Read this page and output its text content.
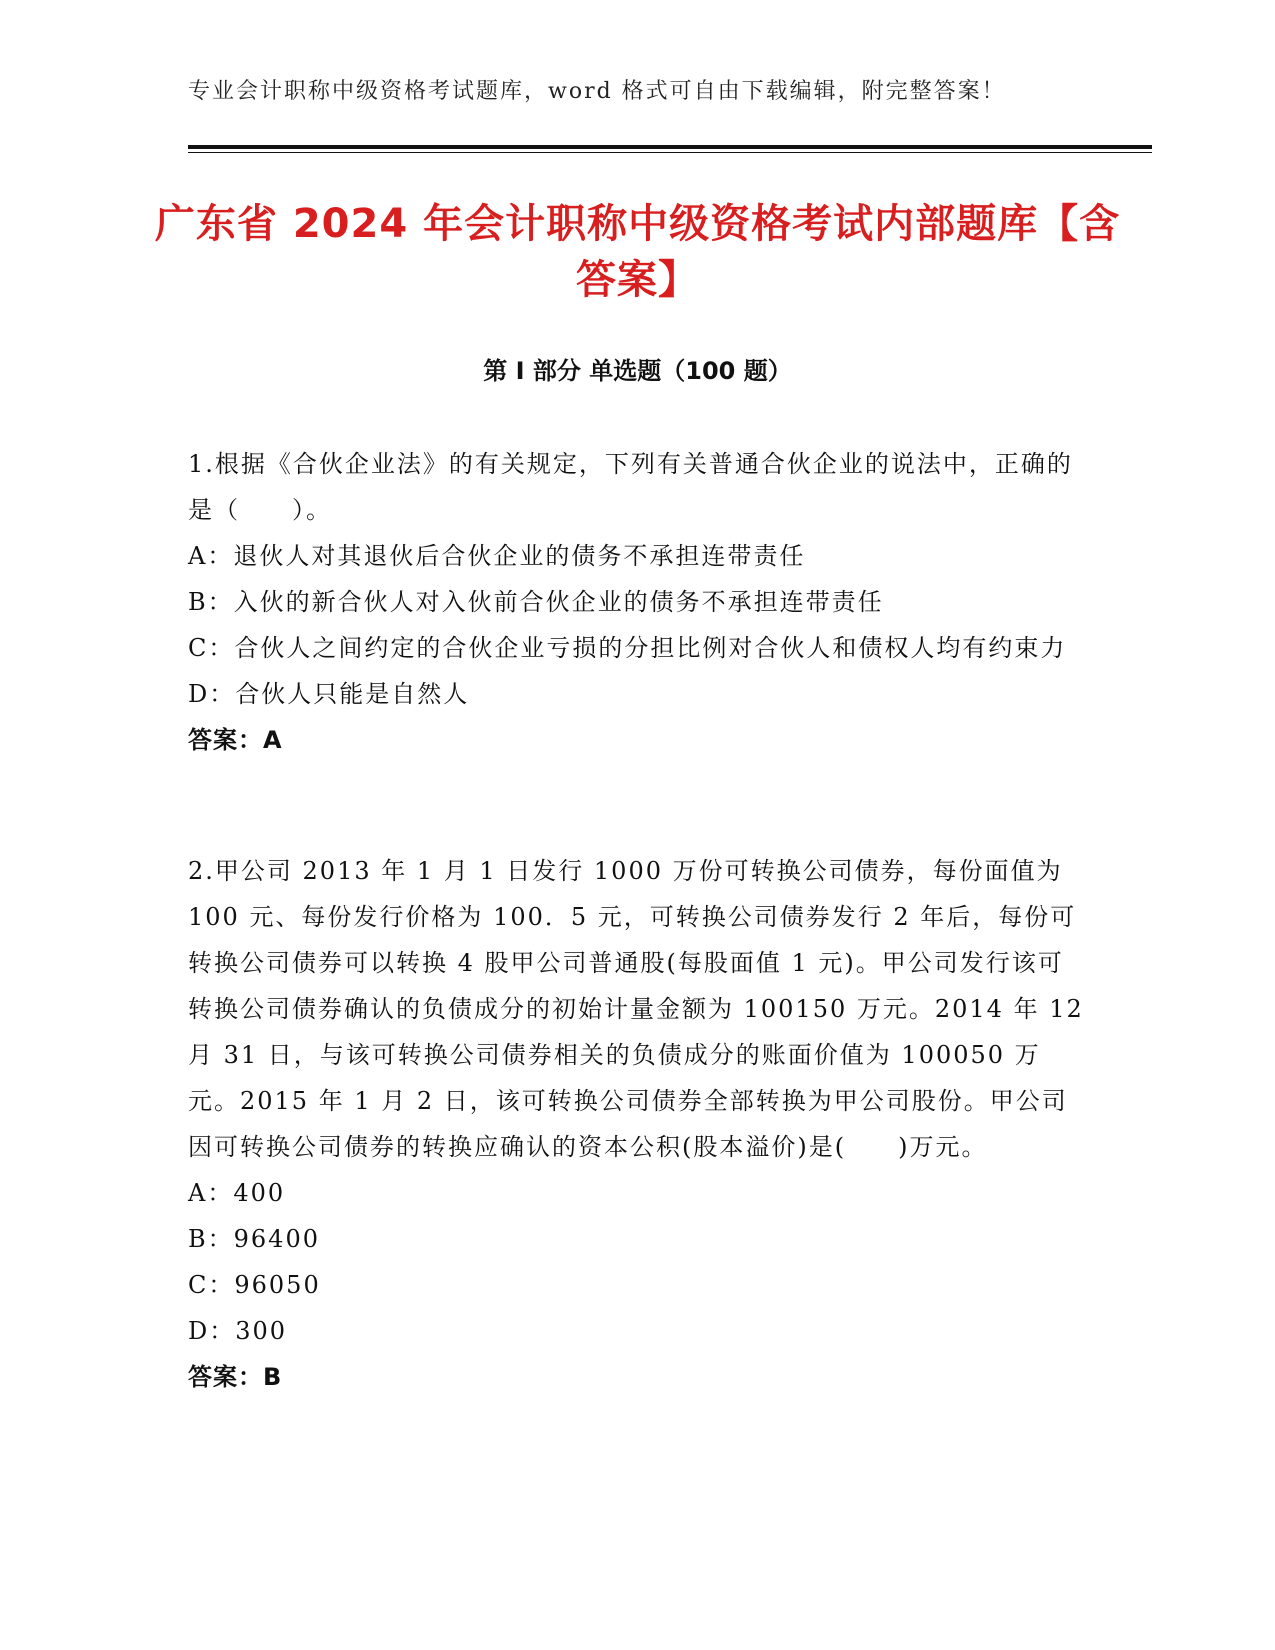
专业会计职称中级资格考试题库，word 格式可自由下载编辑，附完整答案！
广东省 2024 年会计职称中级资格考试内部题库【含答案】
第 I 部分 单选题（100 题）
1.根据《合伙企业法》的有关规定，下列有关普通合伙企业的说法中，正确的是（　　）。
A：退伙人对其退伙后合伙企业的债务不承担连带责任
B：入伙的新合伙人对入伙前合伙企业的债务不承担连带责任
C：合伙人之间约定的合伙企业亏损的分担比例对合伙人和债权人均有约束力
D：合伙人只能是自然人
答案：A
2.甲公司 2013 年 1 月 1 日发行 1000 万份可转换公司债券，每份面值为 100 元、每份发行价格为 100．5 元，可转换公司债券发行 2 年后，每份可转换公司债券可以转换 4 股甲公司普通股(每股面值 1 元)。甲公司发行该可转换公司债券确认的负债成分的初始计量金额为 100150 万元。2014 年 12 月 31 日，与该可转换公司债券相关的负债成分的账面价值为 100050 万元。2015 年 1 月 2 日，该可转换公司债券全部转换为甲公司股份。甲公司因可转换公司债券的转换应确认的资本公积(股本溢价)是(　　)万元。
A：400
B：96400
C：96050
D：300
答案：B
